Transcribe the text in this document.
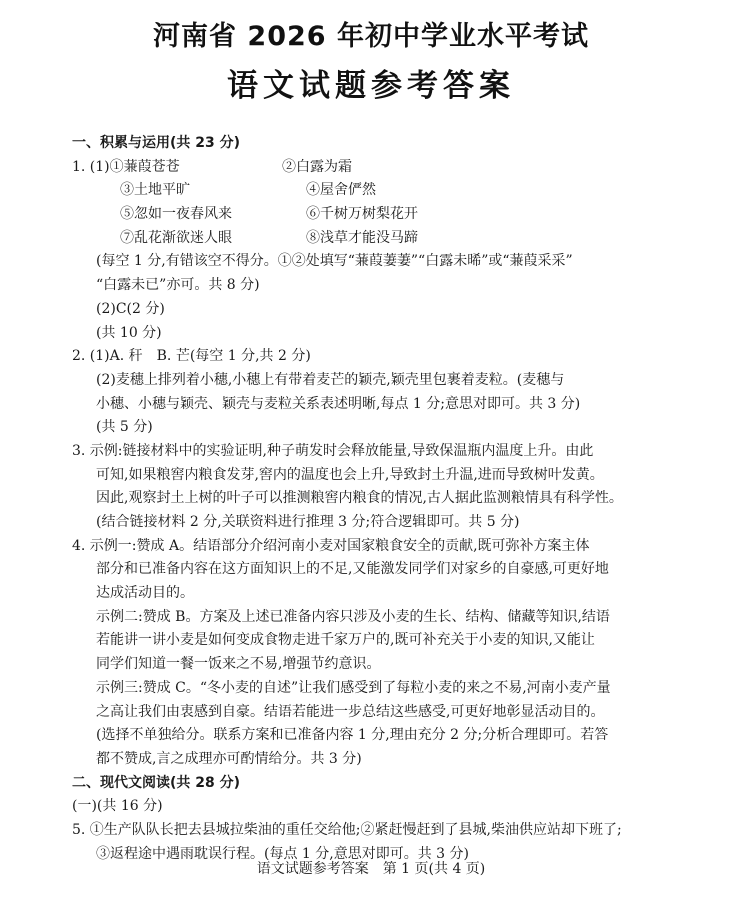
河南省 2026 年初中学业水平考试
语文试题参考答案
一、积累与运用(共 23 分)
1. (1)①蒹葭苍苍	②白露为霜
③土地平旷	④屋舍俨然
⑤忽如一夜春风来	⑥千树万树梨花开
⑦乱花渐欲迷人眼	⑧浅草才能没马蹄
(每空 1 分,有错该空不得分。①②处填写“蒹葭萋萋”“白露未晞”或“蒹葭采采”
“白露未已”亦可。共 8 分)
(2)C(2 分)
(共 10 分)
2. (1)A. 秆　B. 芒(每空 1 分,共 2 分)
(2)麦穗上排列着小穗,小穗上有带着麦芒的颖壳,颖壳里包裹着麦粒。(麦穗与
小穗、小穗与颖壳、颖壳与麦粒关系表述明晰,每点 1 分;意思对即可。共 3 分)
(共 5 分)
3. 示例:链接材料中的实验证明,种子萌发时会释放能量,导致保温瓶内温度上升。由此
可知,如果粮窖内粮食发芽,窖内的温度也会上升,导致封土升温,进而导致树叶发黄。
因此,观察封土上树的叶子可以推测粮窖内粮食的情况,古人据此监测粮情具有科学性。
(结合链接材料 2 分,关联资料进行推理 3 分;符合逻辑即可。共 5 分)
4. 示例一:赞成 A。结语部分介绍河南小麦对国家粮食安全的贡献,既可弥补方案主体
部分和已准备内容在这方面知识上的不足,又能激发同学们对家乡的自豪感,可更好地
达成活动目的。
示例二:赞成 B。方案及上述已准备内容只涉及小麦的生长、结构、储藏等知识,结语
若能讲一讲小麦是如何变成食物走进千家万户的,既可补充关于小麦的知识,又能让
同学们知道一餐一饭来之不易,增强节约意识。
示例三:赞成 C。“冬小麦的自述”让我们感受到了每粒小麦的来之不易,河南小麦产量
之高让我们由衷感到自豪。结语若能进一步总结这些感受,可更好地彰显活动目的。
(选择不单独给分。联系方案和已准备内容 1 分,理由充分 2 分;分析合理即可。若答
都不赞成,言之成理亦可酌情给分。共 3 分)
二、现代文阅读(共 28 分)
(一)(共 16 分)
5. ①生产队队长把去县城拉柴油的重任交给他;②紧赶慢赶到了县城,柴油供应站却下班了;
③返程途中遇雨耽误行程。(每点 1 分,意思对即可。共 3 分)
语文试题参考答案　第 1 页(共 4 页)
